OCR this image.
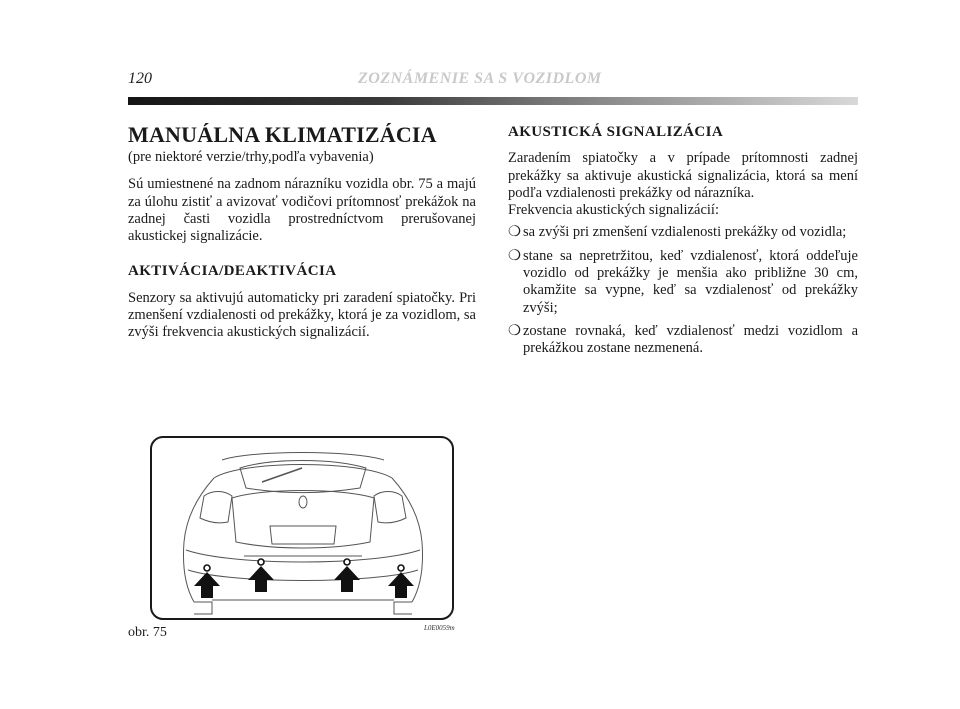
120	ZOZNÁMENIE SA S VOZIDLOM
MANUÁLNA KLIMATIZÁCIA

(pre niektoré verzie/trhy,podľa vybavenia)

Sú umiestnené na zadnom nárazníku vozidla obr. 75 a majú za úlohu zistiť a avizovať vodičovi prítomnosť prekážok na zadnej časti vozidla prostredníctvom prerušovanej akustickej signalizácie.

AKTIVÁCIA/DEAKTIVÁCIA

Senzory sa aktivujú automaticky pri zaradení spiatočky. Pri zmenšení vzdialenosti od prekážky, ktorá je za vozidlom, sa zvýši frekvencia akustických signalizácií.

AKUSTICKÁ SIGNALIZÁCIA

Zaradením spiatočky a v prípade prítomnosti zadnej prekážky sa aktivuje akustická signalizácia, ktorá sa mení podľa vzdialenosti prekážky od nárazníka.

Frekvencia akustických signalizácií:

❍ sa zvýši pri zmenšení vzdialenosti prekážky od vozidla;
❍ stane sa nepretržitou, keď vzdialenosť, ktorá oddeľuje vozidlo od prekážky je menšia ako približne 30 cm, okamžite sa vypne, keď sa vzdialenosť od prekážky zvýši;
❍ zostane rovnaká, keď vzdialenosť medzi vozidlom a prekážkou zostane nezmenená.
obr. 75	L0E0059m
